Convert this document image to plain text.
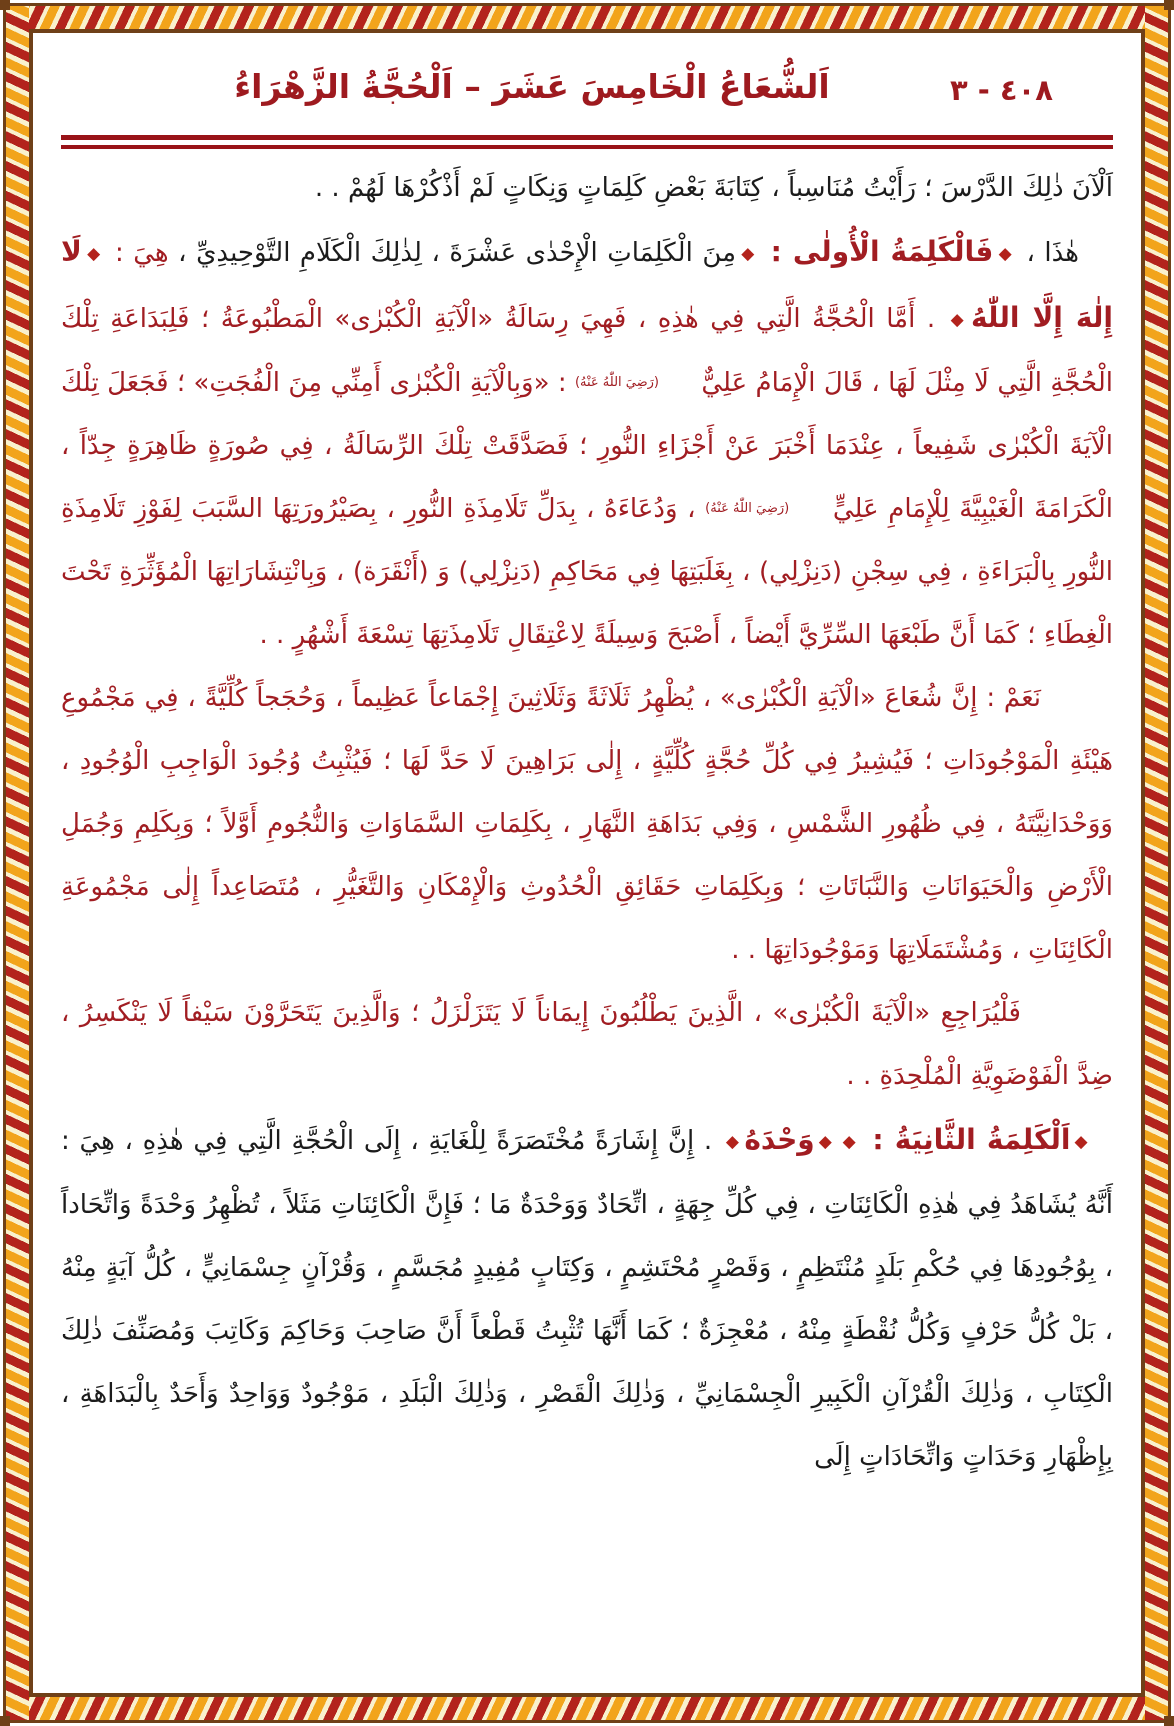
اَلشُّعَاعُ الْخَامِسَ عَشَرَ – اَلْحُجَّةُ الزَّهْرَاءُ	٤٠٨ - ٣

اَلْآنَ ذٰلِكَ الدَّرْسَ ؛ رَأَيْتُ مُنَاسِباً ، كِتَابَةَ بَعْضِ كَلِمَاتٍ وَنِكَاتٍ لَمْ أَذْكُرْهَا لَهُمْ . .

هٰذَا ، ◆فَالْكَلِمَةُ الْأُولٰى : ◆مِنَ الْكَلِمَاتِ الْإِحْدٰى عَشْرَةَ ، لِذٰلِكَ الْكَلَامِ التَّوْحِيدِيِّ ، هِيَ : ◆لَا إِلٰهَ إِلَّا اللّٰهُ◆ . أَمَّا الْحُجَّةُ الَّتِي فِي هٰذِهِ ، فَهِيَ رِسَالَةُ «الْآيَةِ الْكُبْرٰى» الْمَطْبُوعَةُ ؛ فَلِبَدَاعَةِ تِلْكَ الْحُجَّةِ الَّتِي لَا مِثْلَ لَهَا ، قَالَ الْإِمَامُ عَلِيٌّ (رَضِيَ اللّٰهُ عَنْهُ) : «وَبِالْآيَةِ الْكُبْرٰى أَمِنِّي مِنَ الْفُجَتِ» ؛ فَجَعَلَ تِلْكَ الْآيَةَ الْكُبْرٰى شَفِيعاً ، عِنْدَمَا أَخْبَرَ عَنْ أَجْزَاءِ النُّورِ ؛ فَصَدَّقَتْ تِلْكَ الرِّسَالَةُ ، فِي صُورَةٍ ظَاهِرَةٍ جِدّاً ، الْكَرَامَةَ الْغَيْبِيَّةَ لِلْإِمَامِ عَلِيٍّ (رَضِيَ اللّٰهُ عَنْهُ) ، وَدُعَاءَهُ ، بِدَلِّ تَلَامِذَةِ النُّورِ ، بِصَيْرُورَتِهَا السَّبَبَ لِفَوْزِ تَلَامِذَةِ النُّورِ بِالْبَرَاءَةِ ، فِي سِجْنِ (دَنِزْلِي) ، بِغَلَبَتِهَا فِي مَحَاكِمِ (دَنِزْلِي) وَ (أَنْقَرَة) ، وَبِانْتِشَارَاتِهَا الْمُؤَثِّرَةِ تَحْتَ الْغِطَاءِ ؛ كَمَا أَنَّ طَبْعَهَا السِّرِّيَّ أَيْضاً ، أَصْبَحَ وَسِيلَةً لِاعْتِقَالِ تَلَامِذَتِهَا تِسْعَةَ أَشْهُرٍ . .

نَعَمْ : إِنَّ شُعَاعَ «الْآيَةِ الْكُبْرٰى» ، يُظْهِرُ ثَلَاثَةً وَثَلَاثِينَ إِجْمَاعاً عَظِيماً ، وَحُجَجاً كُلِّيَّةً ، فِي مَجْمُوعِ هَيْئَةِ الْمَوْجُودَاتِ ؛ فَيُشِيرُ فِي كُلِّ حُجَّةٍ كُلِّيَّةٍ ، إِلٰى بَرَاهِينَ لَا حَدَّ لَهَا ؛ فَيُثْبِتُ وُجُودَ الْوَاجِبِ الْوُجُودِ ، وَوَحْدَانِيَّتَهُ ، فِي ظُهُورِ الشَّمْسِ ، وَفِي بَدَاهَةِ النَّهَارِ ، بِكَلِمَاتِ السَّمَاوَاتِ وَالنُّجُومِ أَوَّلاً ؛ وَبِكَلِمِ وَجُمَلِ الْأَرْضِ وَالْحَيَوَانَاتِ وَالنَّبَاتَاتِ ؛ وَبِكَلِمَاتِ حَقَائِقِ الْحُدُوثِ وَالْإِمْكَانِ وَالتَّغَيُّرِ ، مُتَصَاعِداً إِلٰى مَجْمُوعَةِ الْكَائِنَاتِ ، وَمُشْتَمَلَاتِهَا وَمَوْجُودَاتِهَا . .

فَلْيُرَاجِعِ «الْآيَةَ الْكُبْرٰى» ، الَّذِينَ يَطْلُبُونَ إِيمَاناً لَا يَتَزَلْزَلُ ؛ وَالَّذِينَ يَتَحَرَّوْنَ سَيْفاً لَا يَنْكَسِرُ ، ضِدَّ الْفَوْضَوِيَّةِ الْمُلْحِدَةِ . .

◆اَلْكَلِمَةُ الثَّانِيَةُ : ◆◆وَحْدَهُ◆ . إِنَّ إِشَارَةً مُخْتَصَرَةً لِلْغَايَةِ ، إِلَى الْحُجَّةِ الَّتِي فِي هٰذِهِ ، هِيَ : أَنَّهُ يُشَاهَدُ فِي هٰذِهِ الْكَائِنَاتِ ، فِي كُلِّ جِهَةٍ ، اتِّحَادٌ وَوَحْدَةٌ مَا ؛ فَإِنَّ الْكَائِنَاتِ مَثَلاً ، تُظْهِرُ وَحْدَةً وَاتِّحَاداً ، بِوُجُودِهَا فِي حُكْمِ بَلَدٍ مُنْتَظِمٍ ، وَقَصْرٍ مُحْتَشِمٍ ، وَكِتَابٍ مُفِيدٍ مُجَسَّمٍ ، وَقُرْآنٍ جِسْمَانِيٍّ ، كُلُّ آيَةٍ مِنْهُ ، بَلْ كُلُّ حَرْفٍ وَكُلُّ نُقْطَةٍ مِنْهُ ، مُعْجِزَةٌ ؛ كَمَا أَنَّهَا تُثْبِتُ قَطْعاً أَنَّ صَاحِبَ وَحَاكِمَ وَكَاتِبَ وَمُصَنِّفَ ذٰلِكَ الْكِتَابِ ، وَذٰلِكَ الْقُرْآنِ الْكَبِيرِ الْجِسْمَانِيِّ ، وَذٰلِكَ الْقَصْرِ ، وَذٰلِكَ الْبَلَدِ ، مَوْجُودٌ وَوَاحِدٌ وَأَحَدٌ بِالْبَدَاهَةِ ، بِإِظْهَارِ وَحَدَاتٍ وَاتِّحَادَاتٍ إِلَى
